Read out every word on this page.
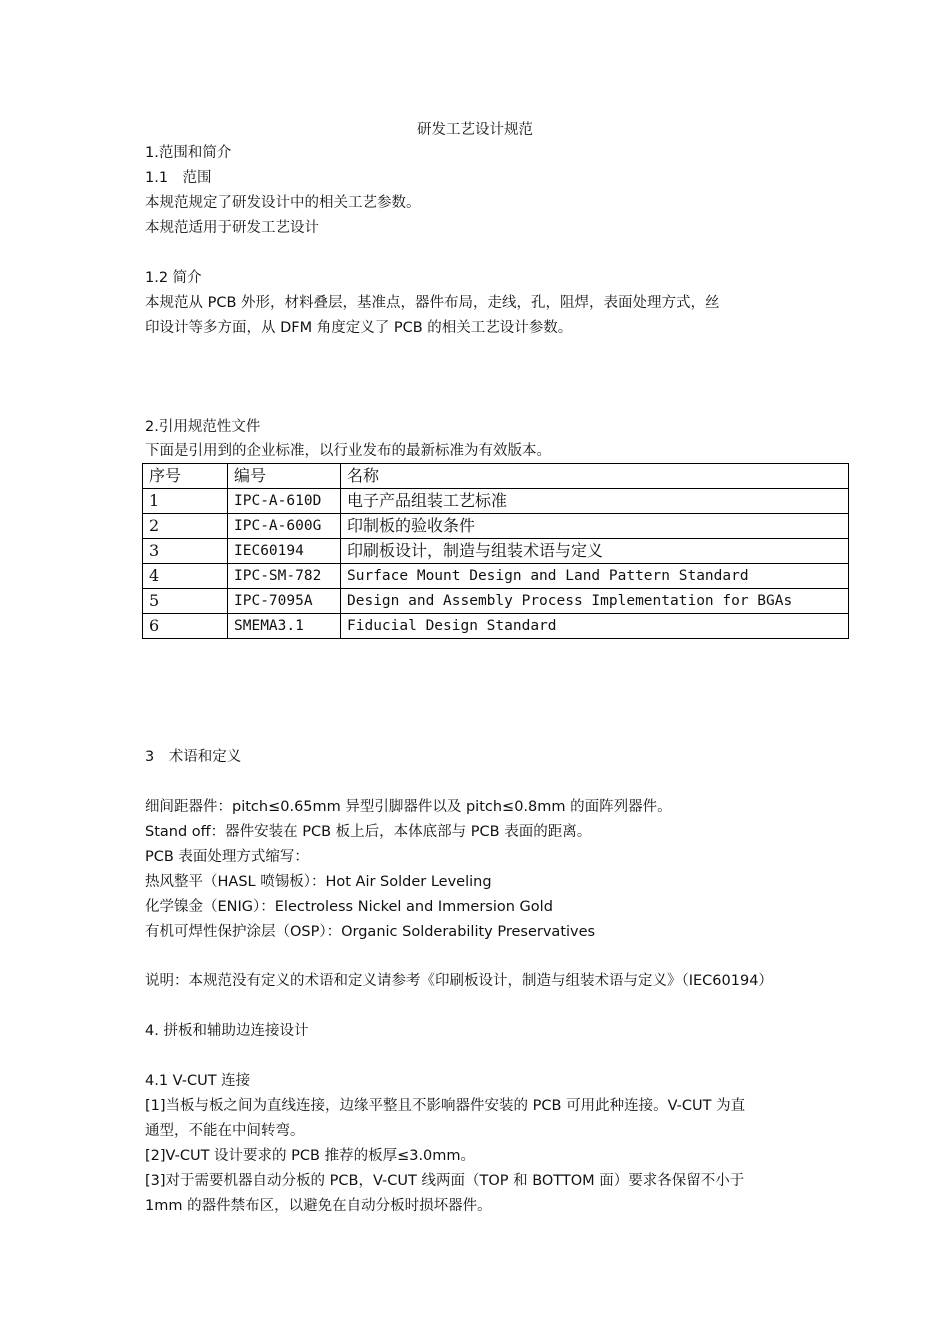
研发工艺设计规范
1.范围和简介
1.1　范围
本规范规定了研发设计中的相关工艺参数。
本规范适用于研发工艺设计
1.2 简介
本规范从 PCB 外形，材料叠层，基准点，器件布局，走线，孔，阻焊，表面处理方式，丝
印设计等多方面，从 DFM 角度定义了 PCB 的相关工艺设计参数。
2.引用规范性文件
下面是引用到的企业标准，以行业发布的最新标准为有效版本。
序号	编号	名称
1	IPC-A-610D	电子产品组装工艺标准
2	IPC-A-600G	印制板的验收条件
3	IEC60194	印刷板设计，制造与组装术语与定义
4	IPC-SM-782	Surface Mount Design and Land Pattern Standard
5	IPC-7095A	Design and Assembly Process Implementation for BGAs
6	SMEMA3.1	Fiducial Design Standard
3　术语和定义
细间距器件：pitch≤0.65mm 异型引脚器件以及 pitch≤0.8mm 的面阵列器件。
Stand off：器件安装在 PCB 板上后，本体底部与 PCB 表面的距离。
PCB 表面处理方式缩写：
热风整平（HASL 喷锡板）：Hot Air Solder Leveling
化学镍金（ENIG）：Electroless Nickel and Immersion Gold
有机可焊性保护涂层（OSP）：Organic Solderability Preservatives
说明：本规范没有定义的术语和定义请参考《印刷板设计，制造与组装术语与定义》（IEC60194）
4. 拼板和辅助边连接设计
4.1 V-CUT 连接
[1]当板与板之间为直线连接，边缘平整且不影响器件安装的 PCB 可用此种连接。V-CUT 为直
通型，不能在中间转弯。
[2]V-CUT 设计要求的 PCB 推荐的板厚≤3.0mm。
[3]对于需要机器自动分板的 PCB，V-CUT 线两面（TOP 和 BOTTOM 面）要求各保留不小于
1mm 的器件禁布区，以避免在自动分板时损坏器件。
